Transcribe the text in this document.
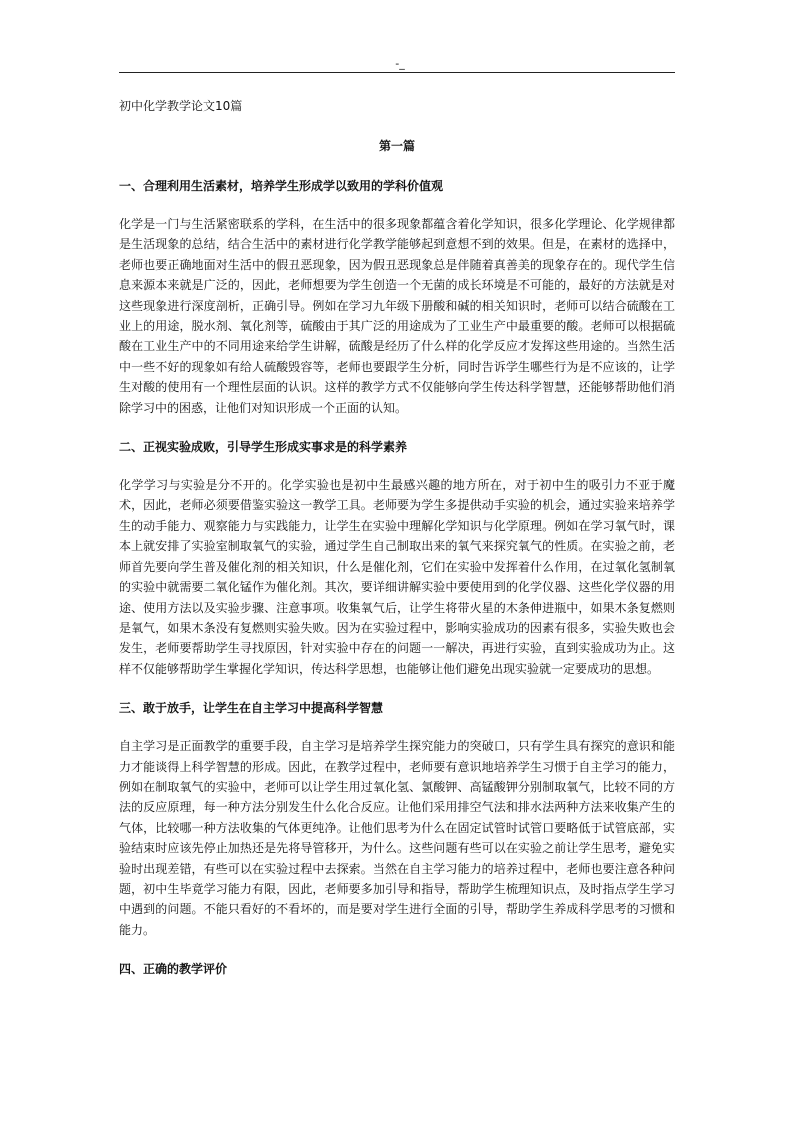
-_
初中化学教学论文10篇
第一篇
一、合理利用生活素材，培养学生形成学以致用的学科价值观
化学是一门与生活紧密联系的学科，在生活中的很多现象都蕴含着化学知识，很多化学理论、化学规律都是生活现象的总结，结合生活中的素材进行化学教学能够起到意想不到的效果。但是，在素材的选择中，老师也要正确地面对生活中的假丑恶现象，因为假丑恶现象总是伴随着真善美的现象存在的。现代学生信息来源本来就是广泛的，因此，老师想要为学生创造一个无菌的成长环境是不可能的，最好的方法就是对这些现象进行深度剖析，正确引导。例如在学习九年级下册酸和碱的相关知识时，老师可以结合硫酸在工业上的用途，脱水剂、氧化剂等，硫酸由于其广泛的用途成为了工业生产中最重要的酸。老师可以根据硫酸在工业生产中的不同用途来给学生讲解，硫酸是经历了什么样的化学反应才发挥这些用途的。当然生活中一些不好的现象如有给人硫酸毁容等，老师也要跟学生分析，同时告诉学生哪些行为是不应该的，让学生对酸的使用有一个理性层面的认识。这样的教学方式不仅能够向学生传达科学智慧，还能够帮助他们消除学习中的困惑，让他们对知识形成一个正面的认知。
二、正视实验成败，引导学生形成实事求是的科学素养
化学学习与实验是分不开的。化学实验也是初中生最感兴趣的地方所在，对于初中生的吸引力不亚于魔术，因此，老师必须要借鉴实验这一教学工具。老师要为学生多提供动手实验的机会，通过实验来培养学生的动手能力、观察能力与实践能力，让学生在实验中理解化学知识与化学原理。例如在学习氧气时，课本上就安排了实验室制取氧气的实验，通过学生自己制取出来的氧气来探究氧气的性质。在实验之前，老师首先要向学生普及催化剂的相关知识，什么是催化剂，它们在实验中发挥着什么作用，在过氧化氢制氧的实验中就需要二氧化锰作为催化剂。其次，要详细讲解实验中要使用到的化学仪器、这些化学仪器的用途、使用方法以及实验步骤、注意事项。收集氧气后，让学生将带火星的木条伸进瓶中，如果木条复燃则是氧气，如果木条没有复燃则实验失败。因为在实验过程中，影响实验成功的因素有很多，实验失败也会发生，老师要帮助学生寻找原因，针对实验中存在的问题一一解决，再进行实验，直到实验成功为止。这样不仅能够帮助学生掌握化学知识，传达科学思想，也能够让他们避免出现实验就一定要成功的思想。
三、敢于放手，让学生在自主学习中提高科学智慧
自主学习是正面教学的重要手段，自主学习是培养学生探究能力的突破口，只有学生具有探究的意识和能力才能谈得上科学智慧的形成。因此，在教学过程中，老师要有意识地培养学生习惯于自主学习的能力，例如在制取氧气的实验中，老师可以让学生用过氧化氢、氯酸钾、高锰酸钾分别制取氧气，比较不同的方法的反应原理，每一种方法分别发生什么化合反应。让他们采用排空气法和排水法两种方法来收集产生的气体，比较哪一种方法收集的气体更纯净。让他们思考为什么在固定试管时试管口要略低于试管底部，实验结束时应该先停止加热还是先将导管移开，为什么。这些问题有些可以在实验之前让学生思考，避免实验时出现差错，有些可以在实验过程中去探索。当然在自主学习能力的培养过程中，老师也要注意各种问题，初中生毕竟学习能力有限，因此，老师要多加引导和指导，帮助学生梳理知识点，及时指点学生学习中遇到的问题。不能只看好的不看坏的，而是要对学生进行全面的引导，帮助学生养成科学思考的习惯和能力。
四、正确的教学评价
